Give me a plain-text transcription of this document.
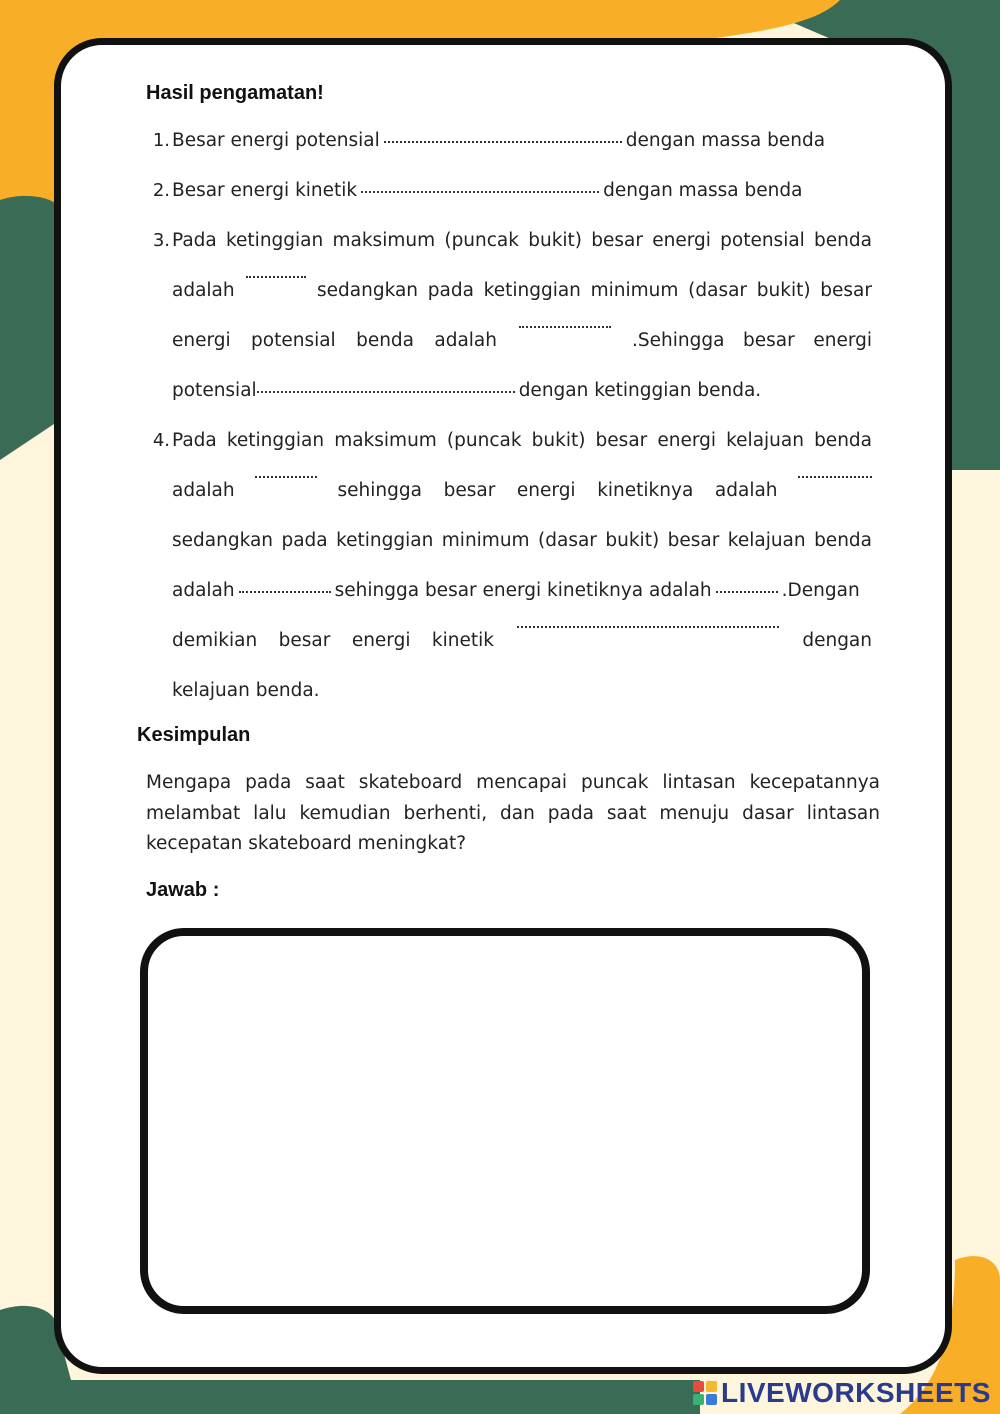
Hasil pengamatan!
1. Besar energi potensial	dengan massa benda
2. Besar energi kinetik	dengan massa benda
3. Pada ketinggian maksimum (puncak bukit) besar energi potensial benda
adalah	sedangkan pada ketinggian minimum (dasar bukit) besar
energi potensial benda adalah	.Sehingga besar energi
potensial	dengan ketinggian benda.
4. Pada ketinggian maksimum (puncak bukit) besar energi kelajuan benda
adalah	sehingga besar energi kinetiknya adalah
sedangkan pada ketinggian minimum (dasar bukit) besar kelajuan benda
adalah	sehingga besar energi kinetiknya adalah	.Dengan
demikian besar energi kinetik	dengan
kelajuan benda.
Kesimpulan
Mengapa pada saat skateboard mencapai puncak lintasan kecepatannya melambat lalu kemudian berhenti, dan pada saat menuju dasar lintasan kecepatan skateboard meningkat?
Jawab :
LIVEWORKSHEETS
